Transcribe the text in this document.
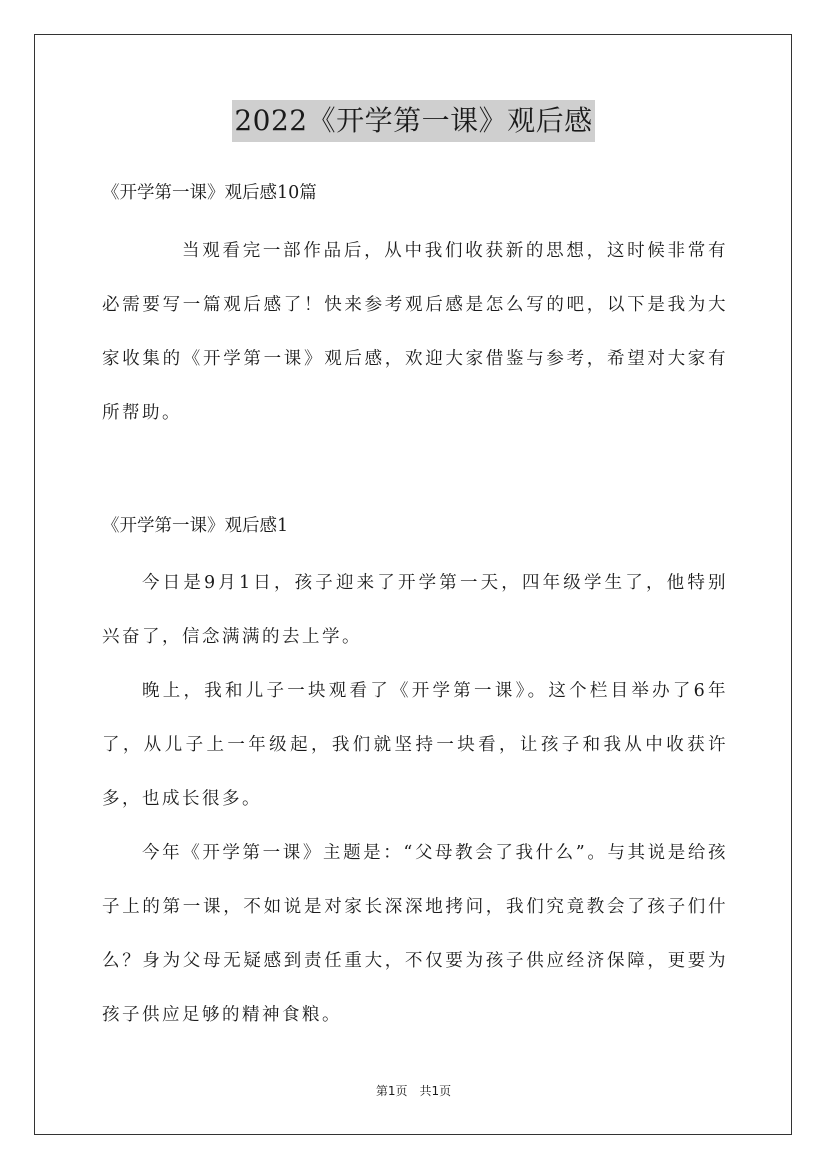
2022《开学第一课》观后感

《开学第一课》观后感10篇

当观看完一部作品后，从中我们收获新的思想，这时候非常有必需要写一篇观后感了！快来参考观后感是怎么写的吧，以下是我为大家收集的《开学第一课》观后感，欢迎大家借鉴与参考，希望对大家有所帮助。

《开学第一课》观后感1

今日是9月1日，孩子迎来了开学第一天，四年级学生了，他特别兴奋了，信念满满的去上学。

晚上，我和儿子一块观看了《开学第一课》。这个栏目举办了6年了，从儿子上一年级起，我们就坚持一块看，让孩子和我从中收获许多，也成长很多。

今年《开学第一课》主题是：“父母教会了我什么”。与其说是给孩子上的第一课，不如说是对家长深深地拷问，我们究竟教会了孩子们什么？身为父母无疑感到责任重大，不仅要为孩子供应经济保障，更要为孩子供应足够的精神食粮。

第1页 共1页
